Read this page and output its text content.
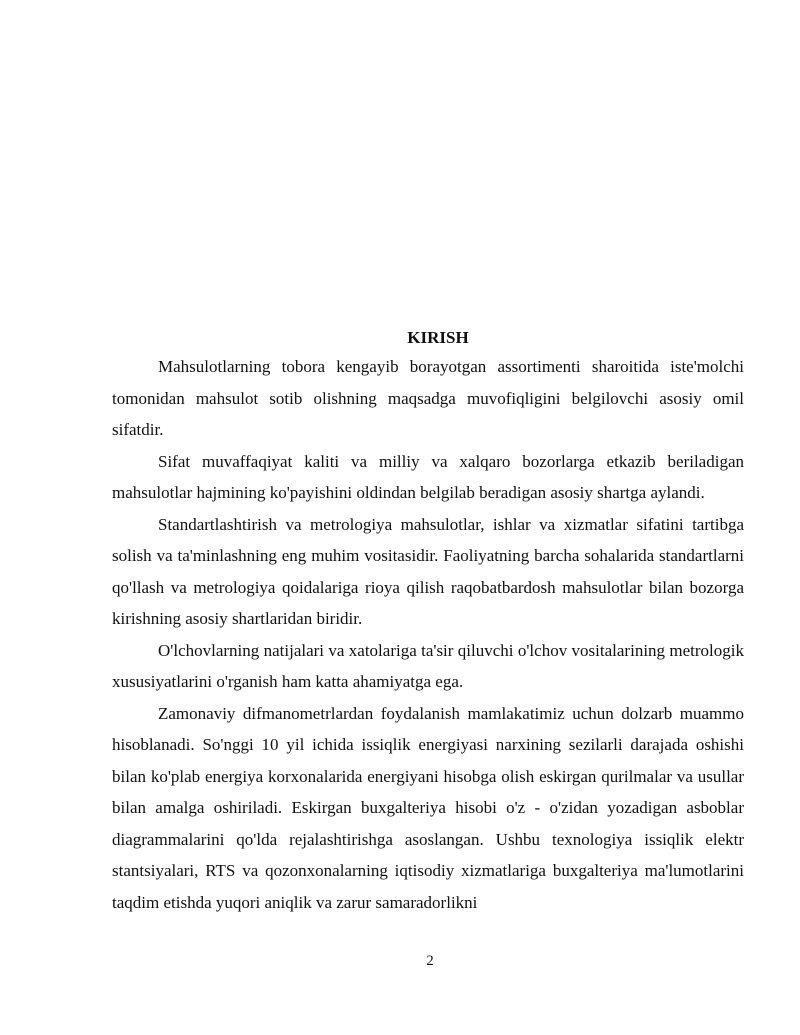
KIRISH

Mahsulotlarning tobora kengayib borayotgan assortimenti sharoitida iste'molchi tomonidan mahsulot sotib olishning maqsadga muvofiqligini belgilovchi asosiy omil sifatdir.

Sifat muvaffaqiyat kaliti va milliy va xalqaro bozorlarga etkazib beriladigan mahsulotlar hajmining ko'payishini oldindan belgilab beradigan asosiy shartga aylandi.

Standartlashtirish va metrologiya mahsulotlar, ishlar va xizmatlar sifatini tartibga solish va ta'minlashning eng muhim vositasidir. Faoliyatning barcha sohalarida standartlarni qo'llash va metrologiya qoidalariga rioya qilish raqobatbardosh mahsulotlar bilan bozorga kirishning asosiy shartlaridan biridir.

O'lchovlarning natijalari va xatolariga ta'sir qiluvchi o'lchov vositalarining metrologik xususiyatlarini o'rganish ham katta ahamiyatga ega.

Zamonaviy difmanometrlardan foydalanish mamlakatimiz uchun dolzarb muammo hisoblanadi. So'nggi 10 yil ichida issiqlik energiyasi narxining sezilarli darajada oshishi bilan ko'plab energiya korxonalarida energiyani hisobga olish eskirgan qurilmalar va usullar bilan amalga oshiriladi. Eskirgan buxgalteriya hisobi o'z - o'zidan yozadigan asboblar diagrammalarini qo'lda rejalashtirishga asoslangan. Ushbu texnologiya issiqlik elektr stantsiyalari, RTS va qozonxonalarning iqtisodiy xizmatlariga buxgalteriya ma'lumotlarini taqdim etishda yuqori aniqlik va zarur samaradorlikni

2
